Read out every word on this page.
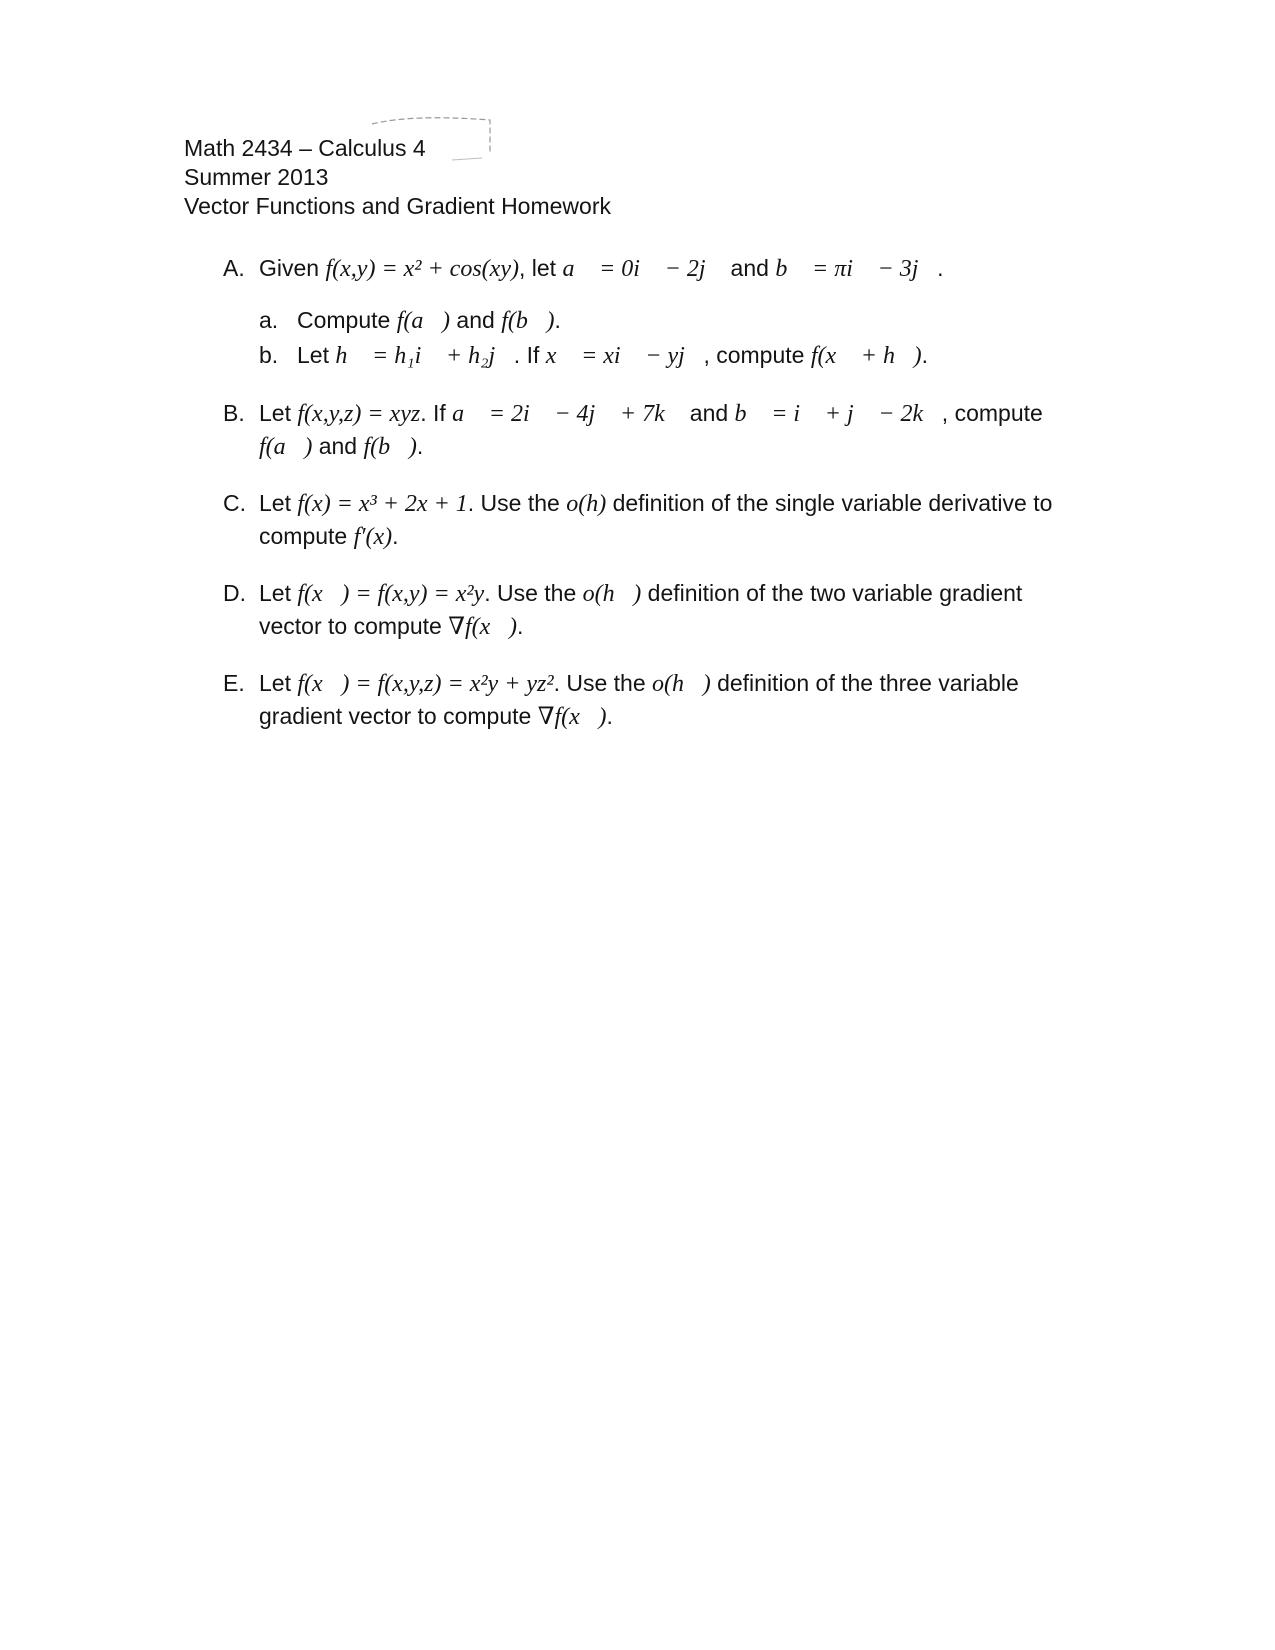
Math 2434 – Calculus 4
Summer 2013
Vector Functions and Gradient Homework
A. Given f(x,y) = x² + cos(xy), let a⃗ = 0i⃗ − 2j⃗ and b⃗ = πi⃗ − 3j⃗.
a. Compute f(a⃗) and f(b⃗).
b. Let h⃗ = h₁i⃗ + h₂j⃗. If x⃗ = xi⃗ − yj⃗, compute f(x⃗ + h⃗).
B. Let f(x,y,z) = xyz. If a⃗ = 2i⃗ − 4j⃗ + 7k⃗ and b⃗ = i⃗ + j⃗ − 2k⃗, compute f(a⃗) and f(b⃗).
C. Let f(x) = x³ + 2x + 1. Use the o(h) definition of the single variable derivative to compute f′(x).
D. Let f(x⃗) = f(x,y) = x²y. Use the o(h⃗) definition of the two variable gradient vector to compute ∇f(x⃗).
E. Let f(x⃗) = f(x,y,z) = x²y + yz². Use the o(h⃗) definition of the three variable gradient vector to compute ∇f(x⃗).
